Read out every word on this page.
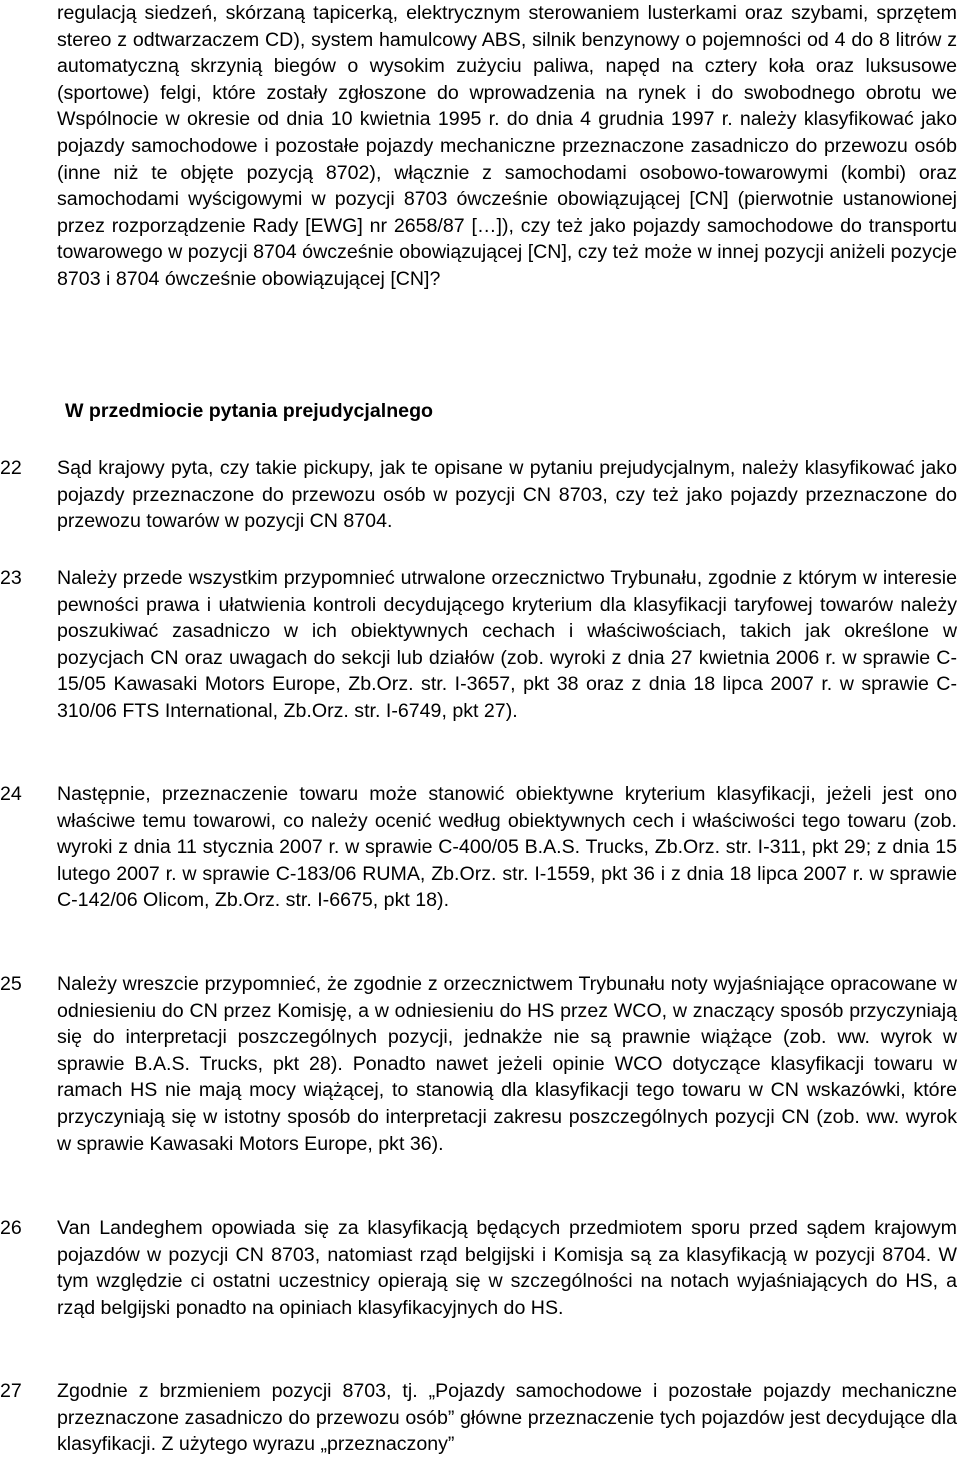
regulacją siedzeń, skórzaną tapicerką, elektrycznym sterowaniem lusterkami oraz szybami, sprzętem stereo z odtwarzaczem CD), system hamulcowy ABS, silnik benzynowy o pojemności od 4 do 8 litrów z automatyczną skrzynią biegów o wysokim zużyciu paliwa, napęd na cztery koła oraz luksusowe (sportowe) felgi, które zostały zgłoszone do wprowadzenia na rynek i do swobodnego obrotu we Wspólnocie w okresie od dnia 10 kwietnia 1995 r. do dnia 4 grudnia 1997 r. należy klasyfikować jako pojazdy samochodowe i pozostałe pojazdy mechaniczne przeznaczone zasadniczo do przewozu osób (inne niż te objęte pozycją 8702), włącznie z samochodami osobowo-towarowymi (kombi) oraz samochodami wyścigowymi w pozycji 8703 ówcześnie obowiązującej [CN] (pierwotnie ustanowionej przez rozporządzenie Rady [EWG] nr 2658/87 […]), czy też jako pojazdy samochodowe do transportu towarowego w pozycji 8704 ówcześnie obowiązującej [CN], czy też może w innej pozycji aniżeli pozycje 8703 i 8704 ówcześnie obowiązującej [CN]?

W przedmiocie pytania prejudycjalnego
22 Sąd krajowy pyta, czy takie pickupy, jak te opisane w pytaniu prejudycjalnym, należy klasyfikować jako pojazdy przeznaczone do przewozu osób w pozycji CN 8703, czy też jako pojazdy przeznaczone do przewozu towarów w pozycji CN 8704.

23 Należy przede wszystkim przypomnieć utrwalone orzecznictwo Trybunału, zgodnie z którym w interesie pewności prawa i ułatwienia kontroli decydującego kryterium dla klasyfikacji taryfowej towarów należy poszukiwać zasadniczo w ich obiektywnych cechach i właściwościach, takich jak określone w pozycjach CN oraz uwagach do sekcji lub działów (zob. wyroki z dnia 27 kwietnia 2006 r. w sprawie C-15/05 Kawasaki Motors Europe, Zb.Orz. str. I-3657, pkt 38 oraz z dnia 18 lipca 2007 r. w sprawie C-310/06 FTS International, Zb.Orz. str. I-6749, pkt 27).

24 Następnie, przeznaczenie towaru może stanowić obiektywne kryterium klasyfikacji, jeżeli jest ono właściwe temu towarowi, co należy ocenić według obiektywnych cech i właściwości tego towaru (zob. wyroki z dnia 11 stycznia 2007 r. w sprawie C-400/05 B.A.S. Trucks, Zb.Orz. str. I-311, pkt 29; z dnia 15 lutego 2007 r. w sprawie C-183/06 RUMA, Zb.Orz. str. I-1559, pkt 36 i z dnia 18 lipca 2007 r. w sprawie C-142/06 Olicom, Zb.Orz. str. I-6675, pkt 18).

25 Należy wreszcie przypomnieć, że zgodnie z orzecznictwem Trybunału noty wyjaśniające opracowane w odniesieniu do CN przez Komisję, a w odniesieniu do HS przez WCO, w znaczący sposób przyczyniają się do interpretacji poszczególnych pozycji, jednakże nie są prawnie wiążące (zob. ww. wyrok w sprawie B.A.S. Trucks, pkt 28). Ponadto nawet jeżeli opinie WCO dotyczące klasyfikacji towaru w ramach HS nie mają mocy wiążącej, to stanowią dla klasyfikacji tego towaru w CN wskazówki, które przyczyniają się w istotny sposób do interpretacji zakresu poszczególnych pozycji CN (zob. ww. wyrok w sprawie Kawasaki Motors Europe, pkt 36).

26 Van Landeghem opowiada się za klasyfikacją będących przedmiotem sporu przed sądem krajowym pojazdów w pozycji CN 8703, natomiast rząd belgijski i Komisja są za klasyfikacją w pozycji 8704. W tym względzie ci ostatni uczestnicy opierają się w szczególności na notach wyjaśniających do HS, a rząd belgijski ponadto na opiniach klasyfikacyjnych do HS.

27 Zgodnie z brzmieniem pozycji 8703, tj. „Pojazdy samochodowe i pozostałe pojazdy mechaniczne przeznaczone zasadniczo do przewozu osób” główne przeznaczenie tych pojazdów jest decydujące dla klasyfikacji. Z użytego wyrazu „przeznaczony”
